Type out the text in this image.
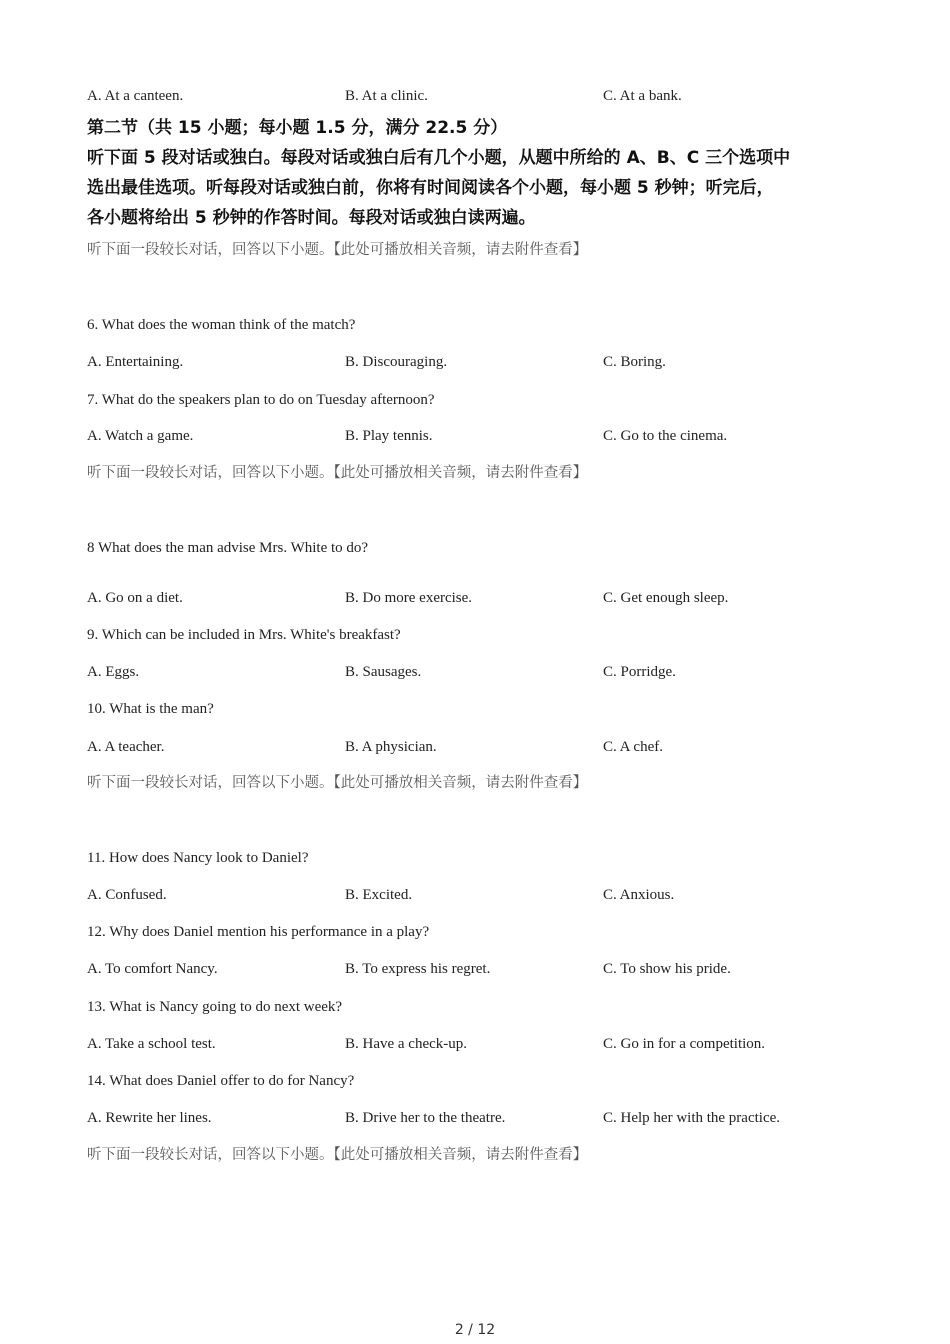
A. At a canteen.	B. At a clinic.	C. At a bank.
第二节（共 15 小题；每小题 1.5 分，满分 22.5 分）
听下面 5 段对话或独白。每段对话或独白后有几个小题，从题中所给的 A、B、C 三个选项中
选出最佳选项。听每段对话或独白前，你将有时间阅读各个小题，每小题 5 秒钟；听完后，
各小题将给出 5 秒钟的作答时间。每段对话或独白读两遍。
听下面一段较长对话，回答以下小题。【此处可播放相关音频，请去附件查看】
6. What does the woman think of the match?
A. Entertaining.	B. Discouraging.	C. Boring.
7. What do the speakers plan to do on Tuesday afternoon?
A. Watch a game.	B. Play tennis.	C. Go to the cinema.
听下面一段较长对话，回答以下小题。【此处可播放相关音频，请去附件查看】
8 What does the man advise Mrs. White to do?
A. Go on a diet.	B. Do more exercise.	C. Get enough sleep.
9. Which can be included in Mrs. White's breakfast?
A. Eggs.	B. Sausages.	C. Porridge.
10. What is the man?
A. A teacher.	B. A physician.	C. A chef.
听下面一段较长对话，回答以下小题。【此处可播放相关音频，请去附件查看】
11. How does Nancy look to Daniel?
A. Confused.	B. Excited.	C. Anxious.
12. Why does Daniel mention his performance in a play?
A. To comfort Nancy.	B. To express his regret.	C. To show his pride.
13. What is Nancy going to do next week?
A. Take a school test.	B. Have a check-up.	C. Go in for a competition.
14. What does Daniel offer to do for Nancy?
A. Rewrite her lines.	B. Drive her to the theatre.	C. Help her with the practice.
听下面一段较长对话，回答以下小题。【此处可播放相关音频，请去附件查看】
2 / 12
